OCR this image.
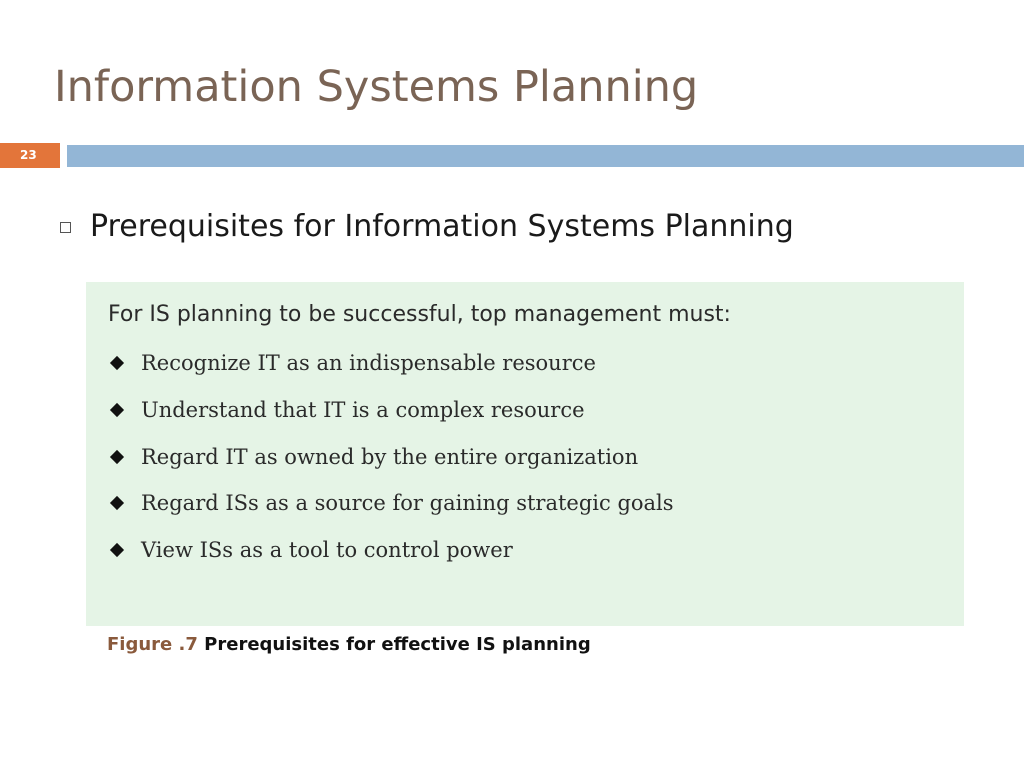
Information Systems Planning
23
Prerequisites for Information Systems Planning
For IS planning to be successful, top management must:
Recognize IT as an indispensable resource
Understand that IT is a complex resource
Regard IT as owned by the entire organization
Regard ISs as a source for gaining strategic goals
View ISs as a tool to control power
Figure .7 Prerequisites for effective IS planning
